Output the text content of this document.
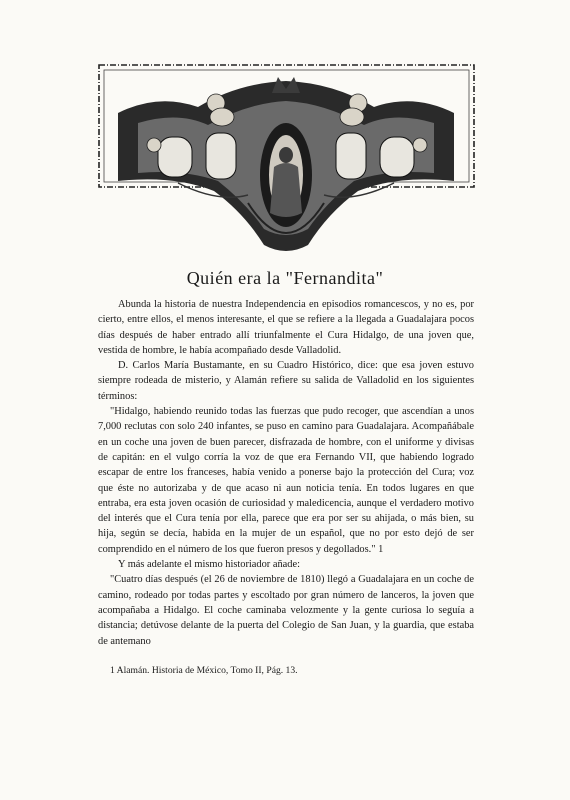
Quién era la "Fernandita"

Abunda la historia de nuestra Independencia en episodios romancescos, y no es, por cierto, entre ellos, el menos interesante, el que se refiere a la llegada a Guadalajara pocos días después de haber entrado allí triunfalmente el Cura Hidalgo, de una joven que, vestida de hombre, le había acompañado desde Valladolid.

D. Carlos María Bustamante, en su Cuadro Histórico, dice: que esa joven estuvo siempre rodeada de misterio, y Alamán refiere su salida de Valladolid en los siguientes términos:

"Hidalgo, habiendo reunido todas las fuerzas que pudo recoger, que ascendían a unos 7,000 reclutas con solo 240 infantes, se puso en camino para Guadalajara. Acompañábale en un coche una joven de buen parecer, disfrazada de hombre, con el uniforme y divisas de capitán: en el vulgo corría la voz de que era Fernando VII, que habiendo logrado escapar de entre los franceses, había venido a ponerse bajo la protección del Cura; voz que éste no autorizaba y de que acaso ni aun noticia tenía. En todos lugares en que entraba, era esta joven ocasión de curiosidad y maledicencia, aunque el verdadero motivo del interés que el Cura tenía por ella, parece que era por ser su ahijada, o más bien, su hija, según se decía, habida en la mujer de un español, que no por esto dejó de ser comprendido en el número de los que fueron presos y degollados." 1

Y más adelante el mismo historiador añade:

"Cuatro días después (el 26 de noviembre de 1810) llegó a Guadalajara en un coche de camino, rodeado por todas partes y escoltado por gran número de lanceros, la joven que acompañaba a Hidalgo. El coche caminaba velozmente y la gente curiosa lo seguía a distancia; detúvose delante de la puerta del Colegio de San Juan, y la guardia, que estaba de antemano

1 Alamán. Historia de México, Tomo II, Pág. 13.
